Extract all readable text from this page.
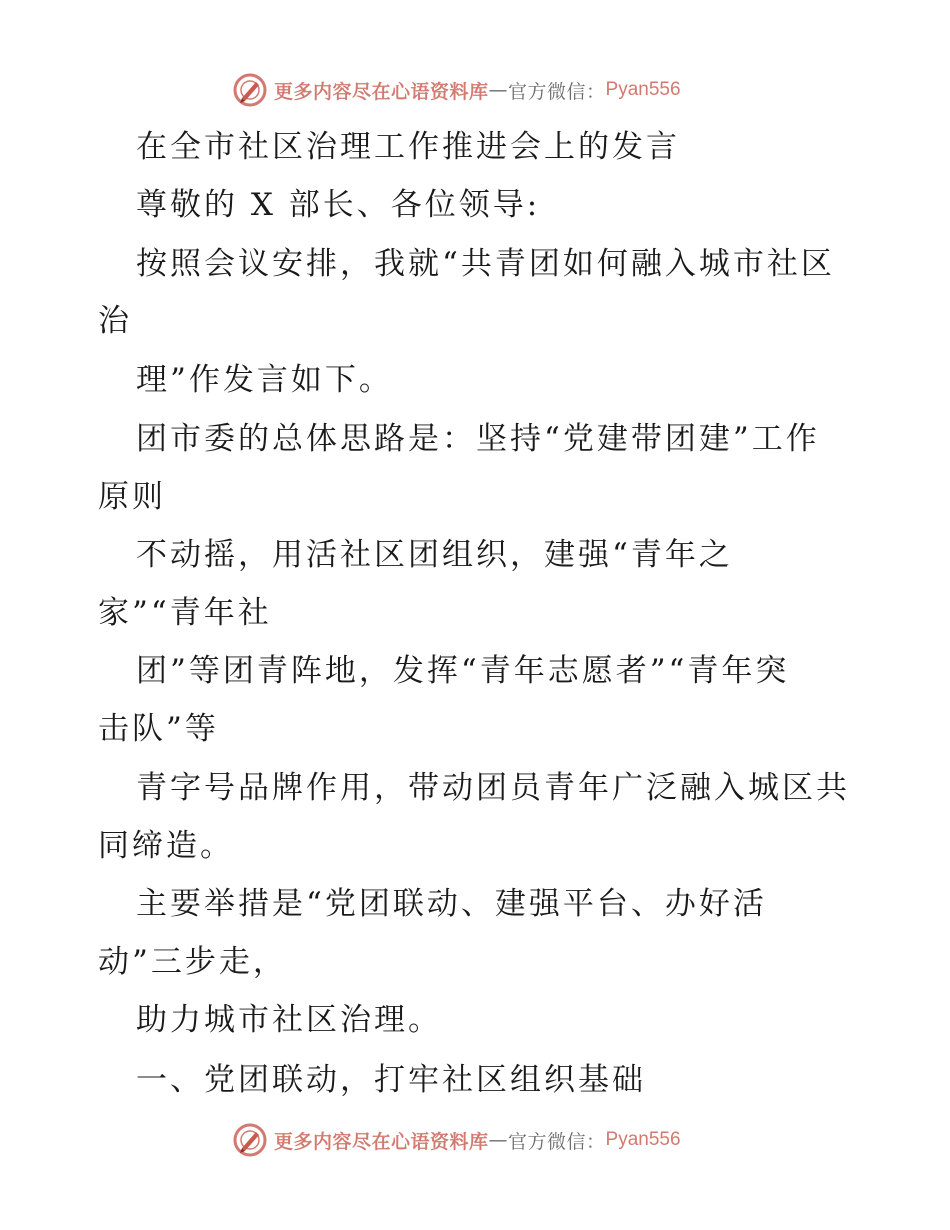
更多内容尽在心语资料库 — 官方微信： Pyan556
在全市社区治理工作推进会上的发言
尊敬的 X 部长、各位领导:
按照会议安排，我就“共青团如何融入城市社区
治
理”作发言如下。
团市委的总体思路是：坚持“党建带团建”工作
原则
不动摇，用活社区团组织，建强“青年之
家”“青年社
团”等团青阵地，发挥“青年志愿者”“青年突
击队”等
青字号品牌作用，带动团员青年广泛融入城区共
同缔造。
主要举措是“党团联动、建强平台、办好活
动”三步走，
助力城市社区治理。
一、党团联动，打牢社区组织基础
更多内容尽在心语资料库 — 官方微信： Pyan556
